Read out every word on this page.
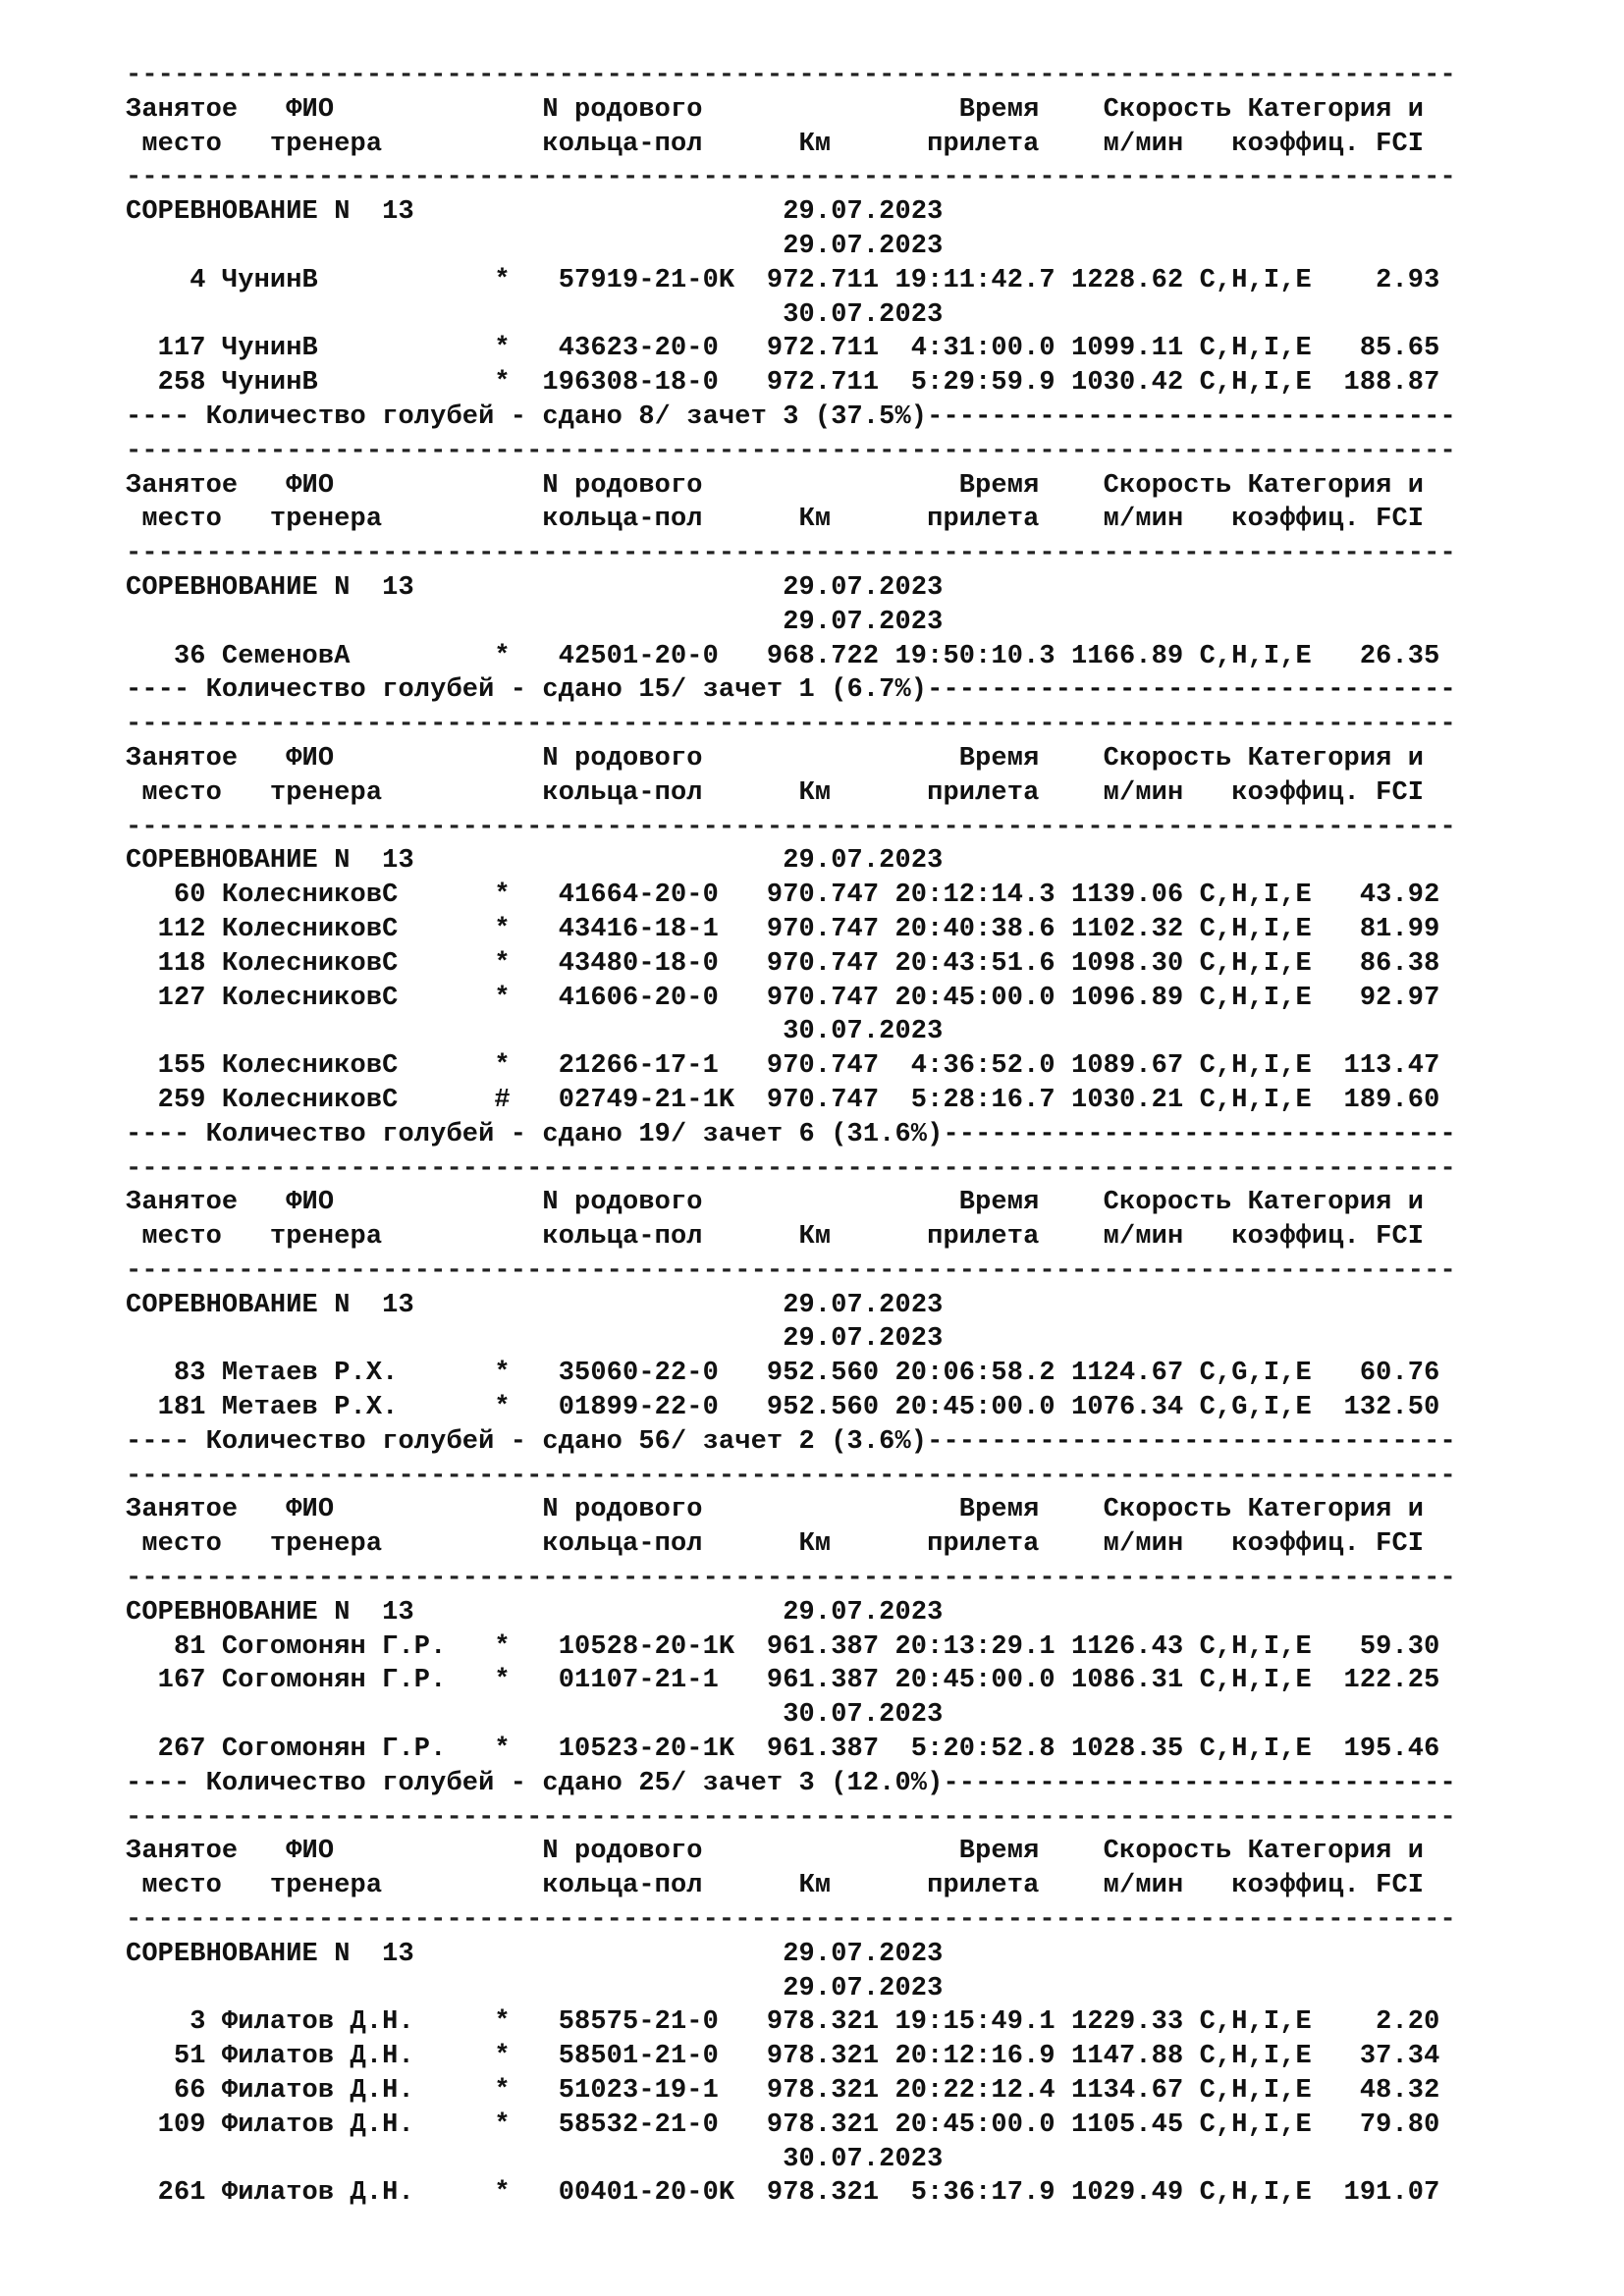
-----------------------------------------------------------------------------------
Занятое   ФИО             N родового                Время    Скорость Категория и
место   тренера          кольца-пол      Км      прилета    м/мин   коэффиц. FCI
-----------------------------------------------------------------------------------
СОРЕВНОВАНИЕ N  13	29.07.2023
29.07.2023
4 ЧунинВ           *   57919-21-0K  972.711 19:11:42.7 1228.62 C,H,I,E    2.93
30.07.2023
117 ЧунинВ           *   43623-20-0   972.711  4:31:00.0 1099.11 C,H,I,E   85.65
258 ЧунинВ           *  196308-18-0   972.711  5:29:59.9 1030.42 C,H,I,E  188.87
---- Количество голубей - сдано 8/ зачет 3 (37.5%)---------------------------------
-----------------------------------------------------------------------------------
Занятое   ФИО             N родового                Время    Скорость Категория и
место   тренера          кольца-пол      Км      прилета    м/мин   коэффиц. FCI
-----------------------------------------------------------------------------------
СОРЕВНОВАНИЕ N  13	29.07.2023
29.07.2023
36 СеменовА         *   42501-20-0   968.722 19:50:10.3 1166.89 C,H,I,E   26.35
---- Количество голубей - сдано 15/ зачет 1 (6.7%)---------------------------------
-----------------------------------------------------------------------------------
Занятое   ФИО             N родового                Время    Скорость Категория и
место   тренера          кольца-пол      Км      прилета    м/мин   коэффиц. FCI
-----------------------------------------------------------------------------------
СОРЕВНОВАНИЕ N  13	29.07.2023
60 КолесниковС      *   41664-20-0   970.747 20:12:14.3 1139.06 C,H,I,E   43.92
112 КолесниковС      *   43416-18-1   970.747 20:40:38.6 1102.32 C,H,I,E   81.99
118 КолесниковС      *   43480-18-0   970.747 20:43:51.6 1098.30 C,H,I,E   86.38
127 КолесниковС      *   41606-20-0   970.747 20:45:00.0 1096.89 C,H,I,E   92.97
30.07.2023
155 КолесниковС      *   21266-17-1   970.747  4:36:52.0 1089.67 C,H,I,E  113.47
259 КолесниковС      #   02749-21-1K  970.747  5:28:16.7 1030.21 C,H,I,E  189.60
---- Количество голубей - сдано 19/ зачет 6 (31.6%)--------------------------------
-----------------------------------------------------------------------------------
Занятое   ФИО             N родового                Время    Скорость Категория и
место   тренера          кольца-пол      Км      прилета    м/мин   коэффиц. FCI
-----------------------------------------------------------------------------------
СОРЕВНОВАНИЕ N  13	29.07.2023
29.07.2023
83 Метаев Р.Х.      *   35060-22-0   952.560 20:06:58.2 1124.67 C,G,I,E   60.76
181 Метаев Р.Х.      *   01899-22-0   952.560 20:45:00.0 1076.34 C,G,I,E  132.50
---- Количество голубей - сдано 56/ зачет 2 (3.6%)---------------------------------
-----------------------------------------------------------------------------------
Занятое   ФИО             N родового                Время    Скорость Категория и
место   тренера          кольца-пол      Км      прилета    м/мин   коэффиц. FCI
-----------------------------------------------------------------------------------
СОРЕВНОВАНИЕ N  13	29.07.2023
81 Согомонян Г.Р.   *   10528-20-1K  961.387 20:13:29.1 1126.43 C,H,I,E   59.30
167 Согомонян Г.Р.   *   01107-21-1   961.387 20:45:00.0 1086.31 C,H,I,E  122.25
30.07.2023
267 Согомонян Г.Р.   *   10523-20-1K  961.387  5:20:52.8 1028.35 C,H,I,E  195.46
---- Количество голубей - сдано 25/ зачет 3 (12.0%)--------------------------------
-----------------------------------------------------------------------------------
Занятое   ФИО             N родового                Время    Скорость Категория и
место   тренера          кольца-пол      Км      прилета    м/мин   коэффиц. FCI
-----------------------------------------------------------------------------------
СОРЕВНОВАНИЕ N  13	29.07.2023
29.07.2023
3 Филатов Д.Н.     *   58575-21-0   978.321 19:15:49.1 1229.33 C,H,I,E    2.20
51 Филатов Д.Н.     *   58501-21-0   978.321 20:12:16.9 1147.88 C,H,I,E   37.34
66 Филатов Д.Н.     *   51023-19-1   978.321 20:22:12.4 1134.67 C,H,I,E   48.32
109 Филатов Д.Н.     *   58532-21-0   978.321 20:45:00.0 1105.45 C,H,I,E   79.80
30.07.2023
261 Филатов Д.Н.     *   00401-20-0K  978.321  5:36:17.9 1029.49 C,H,I,E  191.07
